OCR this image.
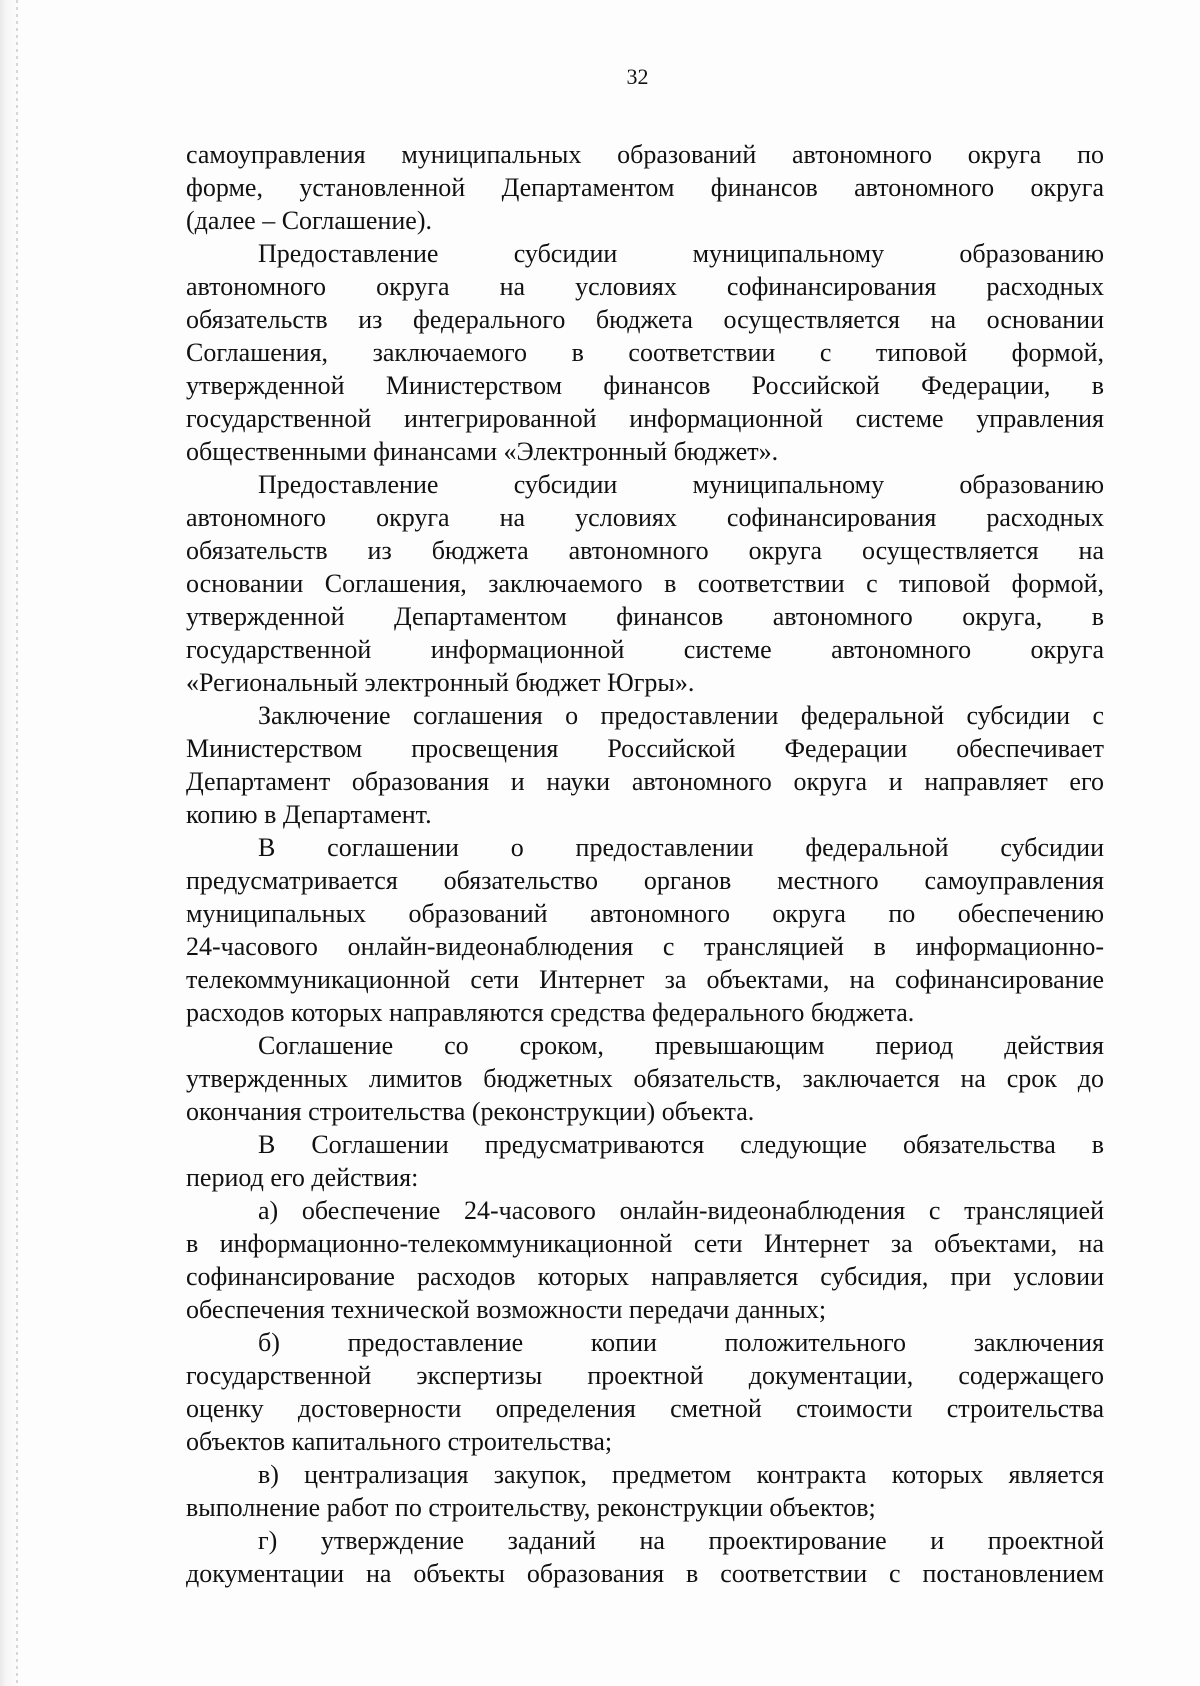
32
самоуправления муниципальных образований автономного округа по
форме, установленной Департаментом финансов автономного округа
(далее – Соглашение).
Предоставление субсидии муниципальному образованию
автономного округа на условиях софинансирования расходных
обязательств из федерального бюджета осуществляется на основании
Соглашения, заключаемого в соответствии с типовой формой,
утвержденной Министерством финансов Российской Федерации, в
государственной интегрированной информационной системе управления
общественными финансами «Электронный бюджет».
Предоставление субсидии муниципальному образованию
автономного округа на условиях софинансирования расходных
обязательств из бюджета автономного округа осуществляется на
основании Соглашения, заключаемого в соответствии с типовой формой,
утвержденной Департаментом финансов автономного округа, в
государственной информационной системе автономного округа
«Региональный электронный бюджет Югры».
Заключение соглашения о предоставлении федеральной субсидии с
Министерством просвещения Российской Федерации обеспечивает
Департамент образования и науки автономного округа и направляет его
копию в Департамент.
В соглашении о предоставлении федеральной субсидии
предусматривается обязательство органов местного самоуправления
муниципальных образований автономного округа по обеспечению
24-часового онлайн-видеонаблюдения с трансляцией в информационно-
телекоммуникационной сети Интернет за объектами, на софинансирование
расходов которых направляются средства федерального бюджета.
Соглашение со сроком, превышающим период действия
утвержденных лимитов бюджетных обязательств, заключается на срок до
окончания строительства (реконструкции) объекта.
В Соглашении предусматриваются следующие обязательства в
период его действия:
а) обеспечение 24-часового онлайн-видеонаблюдения с трансляцией
в информационно-телекоммуникационной сети Интернет за объектами, на
софинансирование расходов которых направляется субсидия, при условии
обеспечения технической возможности передачи данных;
б) предоставление копии положительного заключения
государственной экспертизы проектной документации, содержащего
оценку достоверности определения сметной стоимости строительства
объектов капитального строительства;
в) централизация закупок, предметом контракта которых является
выполнение работ по строительству, реконструкции объектов;
г) утверждение заданий на проектирование и проектной
документации на объекты образования в соответствии с постановлением
